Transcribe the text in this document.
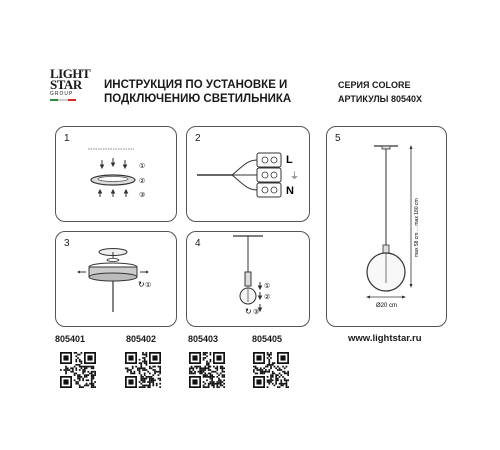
LIGHT
STAR
GROUP
ИНСТРУКЦИЯ ПО УСТАНОВКЕ И
ПОДКЛЮЧЕНИЮ СВЕТИЛЬНИКА
СЕРИЯ COLORE
АРТИКУЛЫ 80540X
1
①
②
③
2
L
⏚
N
3
↻ ①
4
①
②
↻ ③
5
max 58 cm ... max 180 cm
Ø20 cm
805401	805402	805403	805405	www.lightstar.ru
